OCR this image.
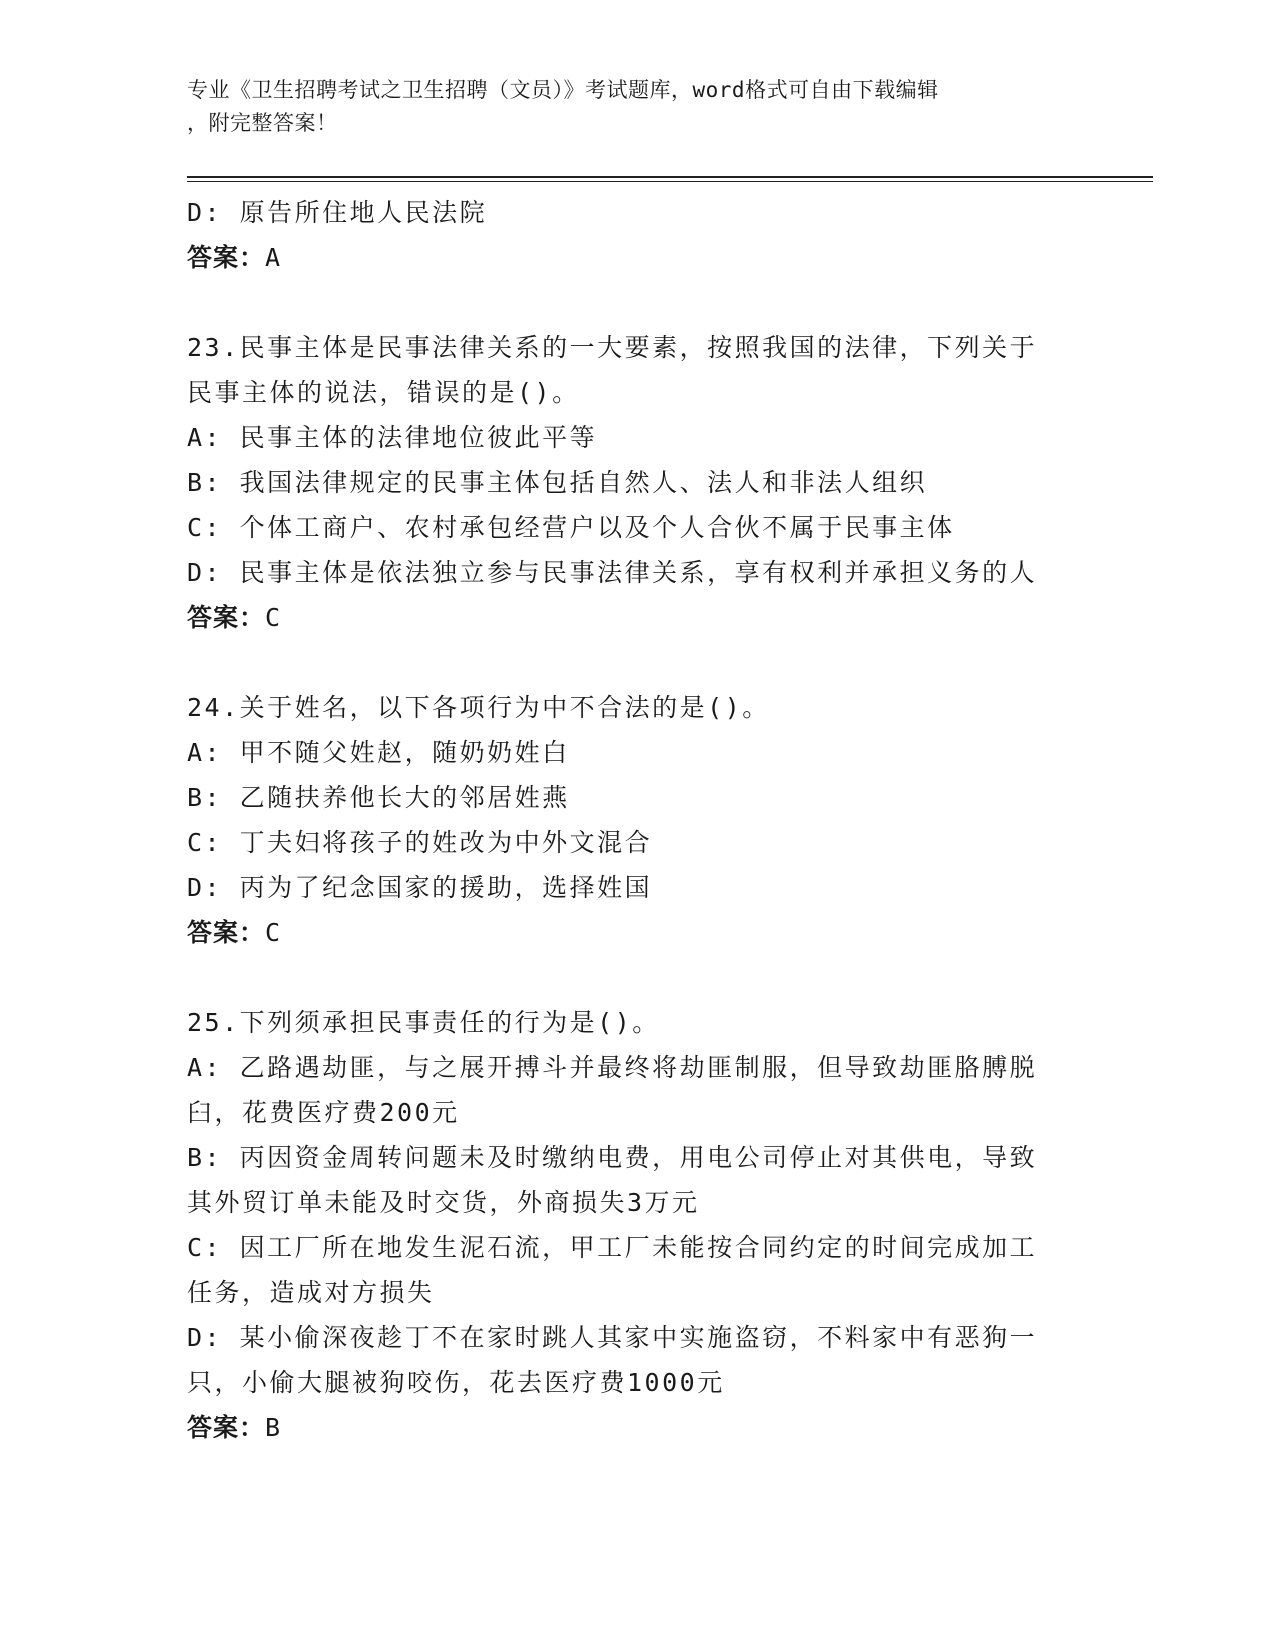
专业《卫生招聘考试之卫生招聘（文员）》考试题库，word格式可自由下载编辑
，附完整答案！
D: 原告所住地人民法院
答案：A
23.民事主体是民事法律关系的一大要素，按照我国的法律，下列关于
民事主体的说法，错误的是()。
A: 民事主体的法律地位彼此平等
B: 我国法律规定的民事主体包括自然人、法人和非法人组织
C: 个体工商户、农村承包经营户以及个人合伙不属于民事主体
D: 民事主体是依法独立参与民事法律关系，享有权利并承担义务的人
答案：C
24.关于姓名，以下各项行为中不合法的是()。
A: 甲不随父姓赵，随奶奶姓白
B: 乙随扶养他长大的邻居姓燕
C: 丁夫妇将孩子的姓改为中外文混合
D: 丙为了纪念国家的援助，选择姓国
答案：C
25.下列须承担民事责任的行为是()。
A: 乙路遇劫匪，与之展开搏斗并最终将劫匪制服，但导致劫匪胳膊脱
臼，花费医疗费200元
B: 丙因资金周转问题未及时缴纳电费，用电公司停止对其供电，导致
其外贸订单未能及时交货，外商损失3万元
C: 因工厂所在地发生泥石流，甲工厂未能按合同约定的时间完成加工
任务，造成对方损失
D: 某小偷深夜趁丁不在家时跳人其家中实施盗窃，不料家中有恶狗一
只，小偷大腿被狗咬伤，花去医疗费1000元
答案：B
